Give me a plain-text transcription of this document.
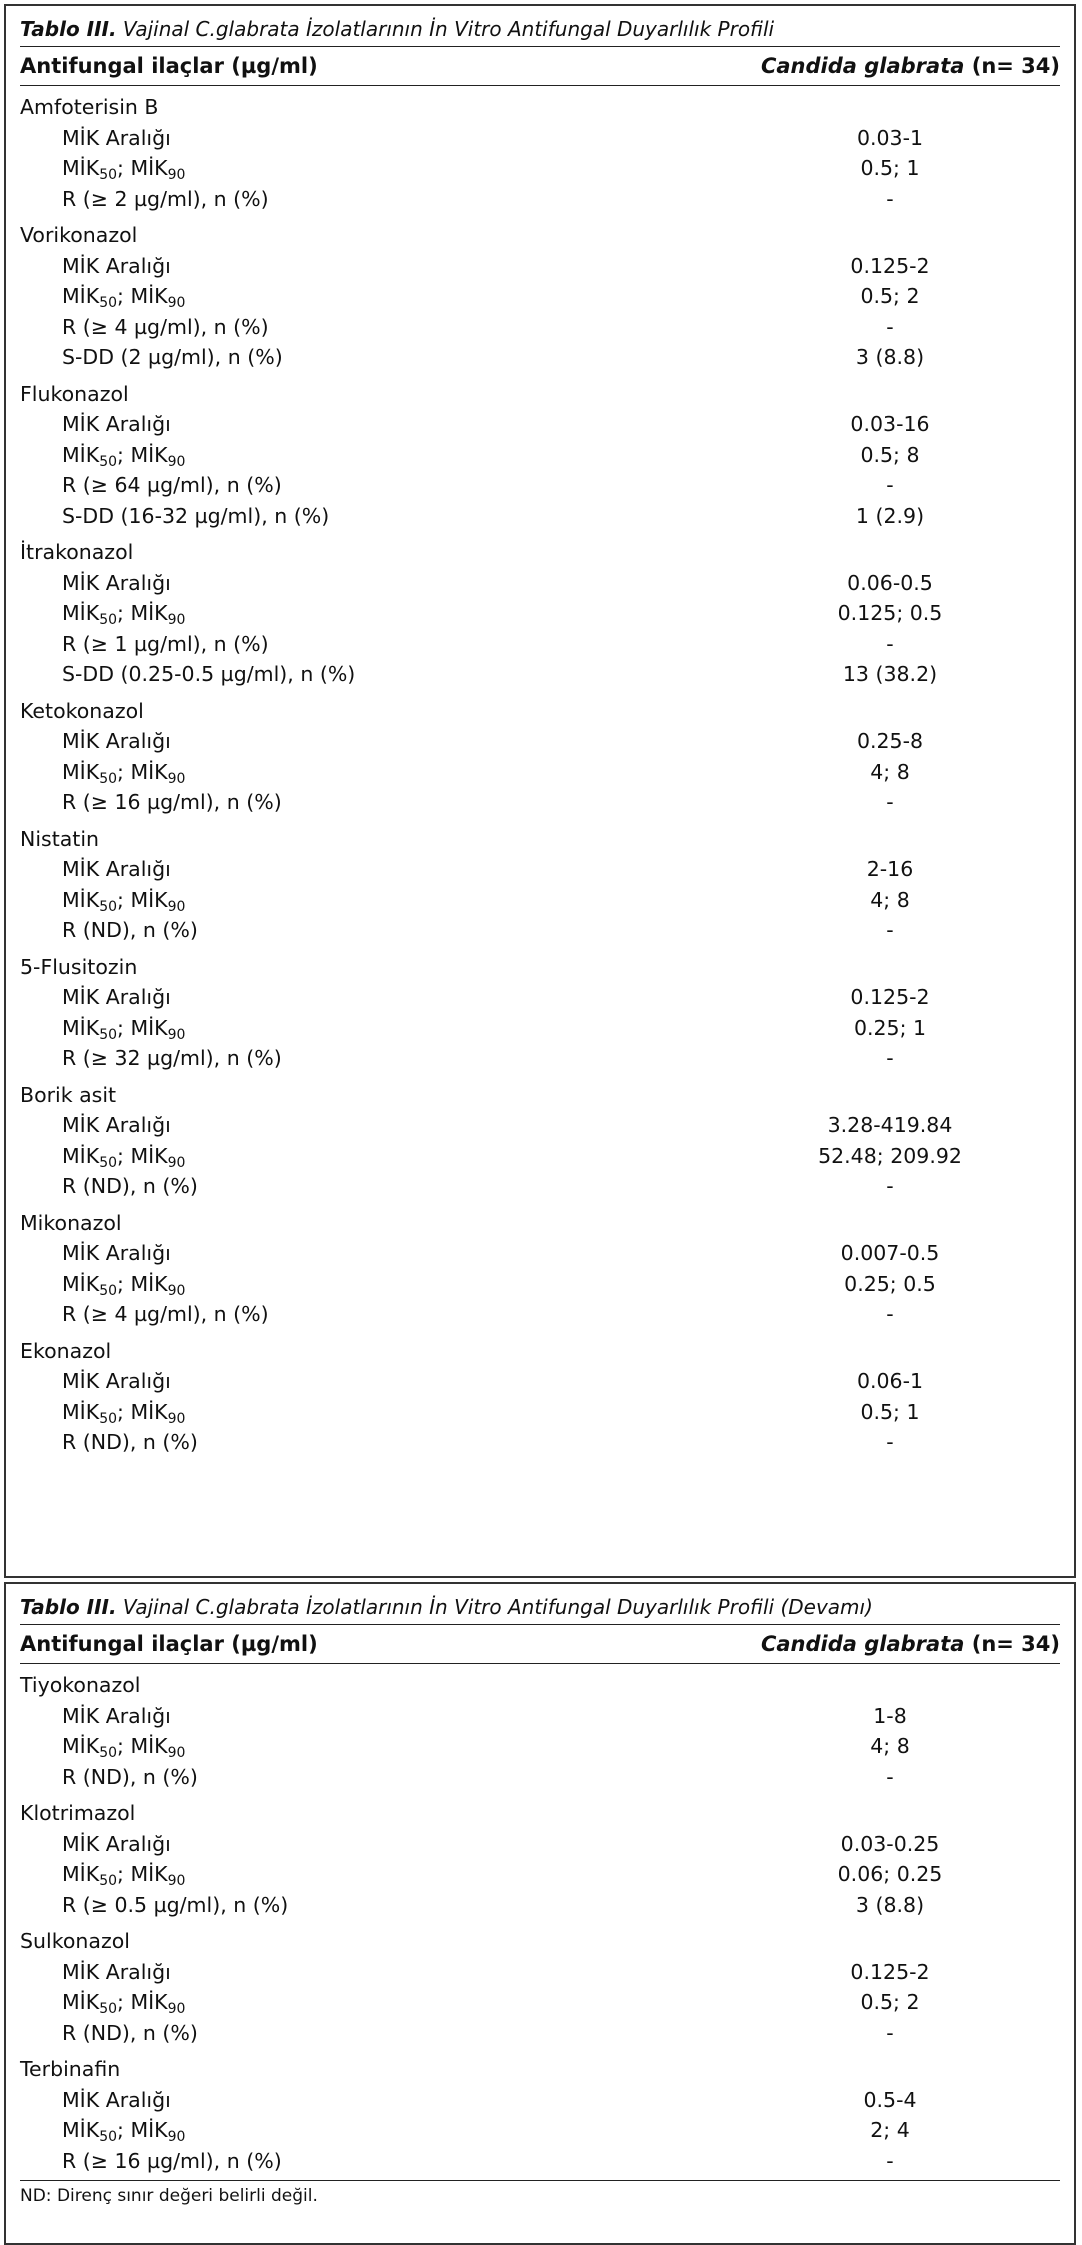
Tablo III. Vajinal C.glabrata İzolatlarının İn Vitro Antifungal Duyarlılık Profili
Antifungal ilaçlar (µg/ml)	Candida glabrata (n= 34)
Amfoterisin B
MİK Aralığı	0.03-1
$MİK_{50}$; $MİK_{90}$	0.5; 1
R (≥ 2 µg/ml), n (%)	-
Vorikonazol
MİK Aralığı	0.125-2
$MİK_{50}$; $MİK_{90}$	0.5; 2
R (≥ 4 µg/ml), n (%)	-
S-DD (2 µg/ml), n (%)	3 (8.8)
Flukonazol
MİK Aralığı	0.03-16
$MİK_{50}$; $MİK_{90}$	0.5; 8
R (≥ 64 µg/ml), n (%)	-
S-DD (16-32 µg/ml), n (%)	1 (2.9)
İtrakonazol
MİK Aralığı	0.06-0.5
$MİK_{50}$; $MİK_{90}$	0.125; 0.5
R (≥ 1 µg/ml), n (%)	-
S-DD (0.25-0.5 µg/ml), n (%)	13 (38.2)
Ketokonazol
MİK Aralığı	0.25-8
$MİK_{50}$; $MİK_{90}$	4; 8
R (≥ 16 µg/ml), n (%)	-
Nistatin
MİK Aralığı	2-16
$MİK_{50}$; $MİK_{90}$	4; 8
R (ND), n (%)	-
5-Flusitozin
MİK Aralığı	0.125-2
$MİK_{50}$; $MİK_{90}$	0.25; 1
R (≥ 32 µg/ml), n (%)	-
Borik asit
MİK Aralığı	3.28-419.84
$MİK_{50}$; $MİK_{90}$	52.48; 209.92
R (ND), n (%)	-
Mikonazol
MİK Aralığı	0.007-0.5
$MİK_{50}$; $MİK_{90}$	0.25; 0.5
R (≥ 4 µg/ml), n (%)	-
Ekonazol
MİK Aralığı	0.06-1
$MİK_{50}$; $MİK_{90}$	0.5; 1
R (ND), n (%)	-
Tablo III. Vajinal C.glabrata İzolatlarının İn Vitro Antifungal Duyarlılık Profili (Devamı)
Antifungal ilaçlar (µg/ml)	Candida glabrata (n= 34)
Tiyokonazol
MİK Aralığı	1-8
$MİK_{50}$; $MİK_{90}$	4; 8
R (ND), n (%)	-
Klotrimazol
MİK Aralığı	0.03-0.25
$MİK_{50}$; $MİK_{90}$	0.06; 0.25
R (≥ 0.5 µg/ml), n (%)	3 (8.8)
Sulkonazol
MİK Aralığı	0.125-2
$MİK_{50}$; $MİK_{90}$	0.5; 2
R (ND), n (%)	-
Terbinafin
MİK Aralığı	0.5-4
$MİK_{50}$; $MİK_{90}$	2; 4
R (≥ 16 µg/ml), n (%)	-
ND: Direnç sınır değeri belirli değil.
